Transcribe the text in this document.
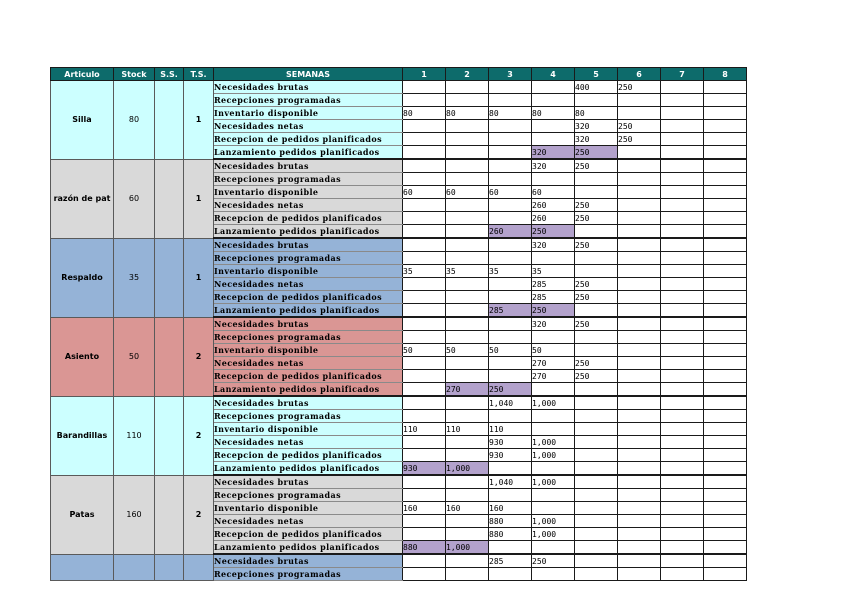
Articulo	Stock	S.S.	T.S.	SEMANAS	1	2	3	4	5	6	7	8
Silla	80		1	Necesidades brutas					400	250		
				Recepciones programadas								
				Inventario disponible	80	80	80	80	80			
				Necesidades netas					320	250		
				Recepcion de pedidos planificados					320	250		
				Lanzamiento pedidos planificados				320	250			
razón de pat	60		1	Necesidades brutas				320	250			
				Recepciones programadas								
				Inventario disponible	60	60	60	60				
				Necesidades netas				260	250			
				Recepcion de pedidos planificados				260	250			
				Lanzamiento pedidos planificados			260	250				
Respaldo	35		1	Necesidades brutas				320	250			
				Recepciones programadas								
				Inventario disponible	35	35	35	35				
				Necesidades netas				285	250			
				Recepcion de pedidos planificados				285	250			
				Lanzamiento pedidos planificados			285	250				
Asiento	50		2	Necesidades brutas				320	250			
				Recepciones programadas								
				Inventario disponible	50	50	50	50				
				Necesidades netas				270	250			
				Recepcion de pedidos planificados				270	250			
				Lanzamiento pedidos planificados		270	250					
Barandillas	110		2	Necesidades brutas			1,040	1,000				
				Recepciones programadas								
				Inventario disponible	110	110	110					
				Necesidades netas			930	1,000				
				Recepcion de pedidos planificados			930	1,000				
				Lanzamiento pedidos planificados	930	1,000						
Patas	160		2	Necesidades brutas			1,040	1,000				
				Recepciones programadas								
				Inventario disponible	160	160	160					
				Necesidades netas			880	1,000				
				Recepcion de pedidos planificados			880	1,000				
				Lanzamiento pedidos planificados	880	1,000						
				Necesidades brutas			285	250				
				Recepciones programadas								
